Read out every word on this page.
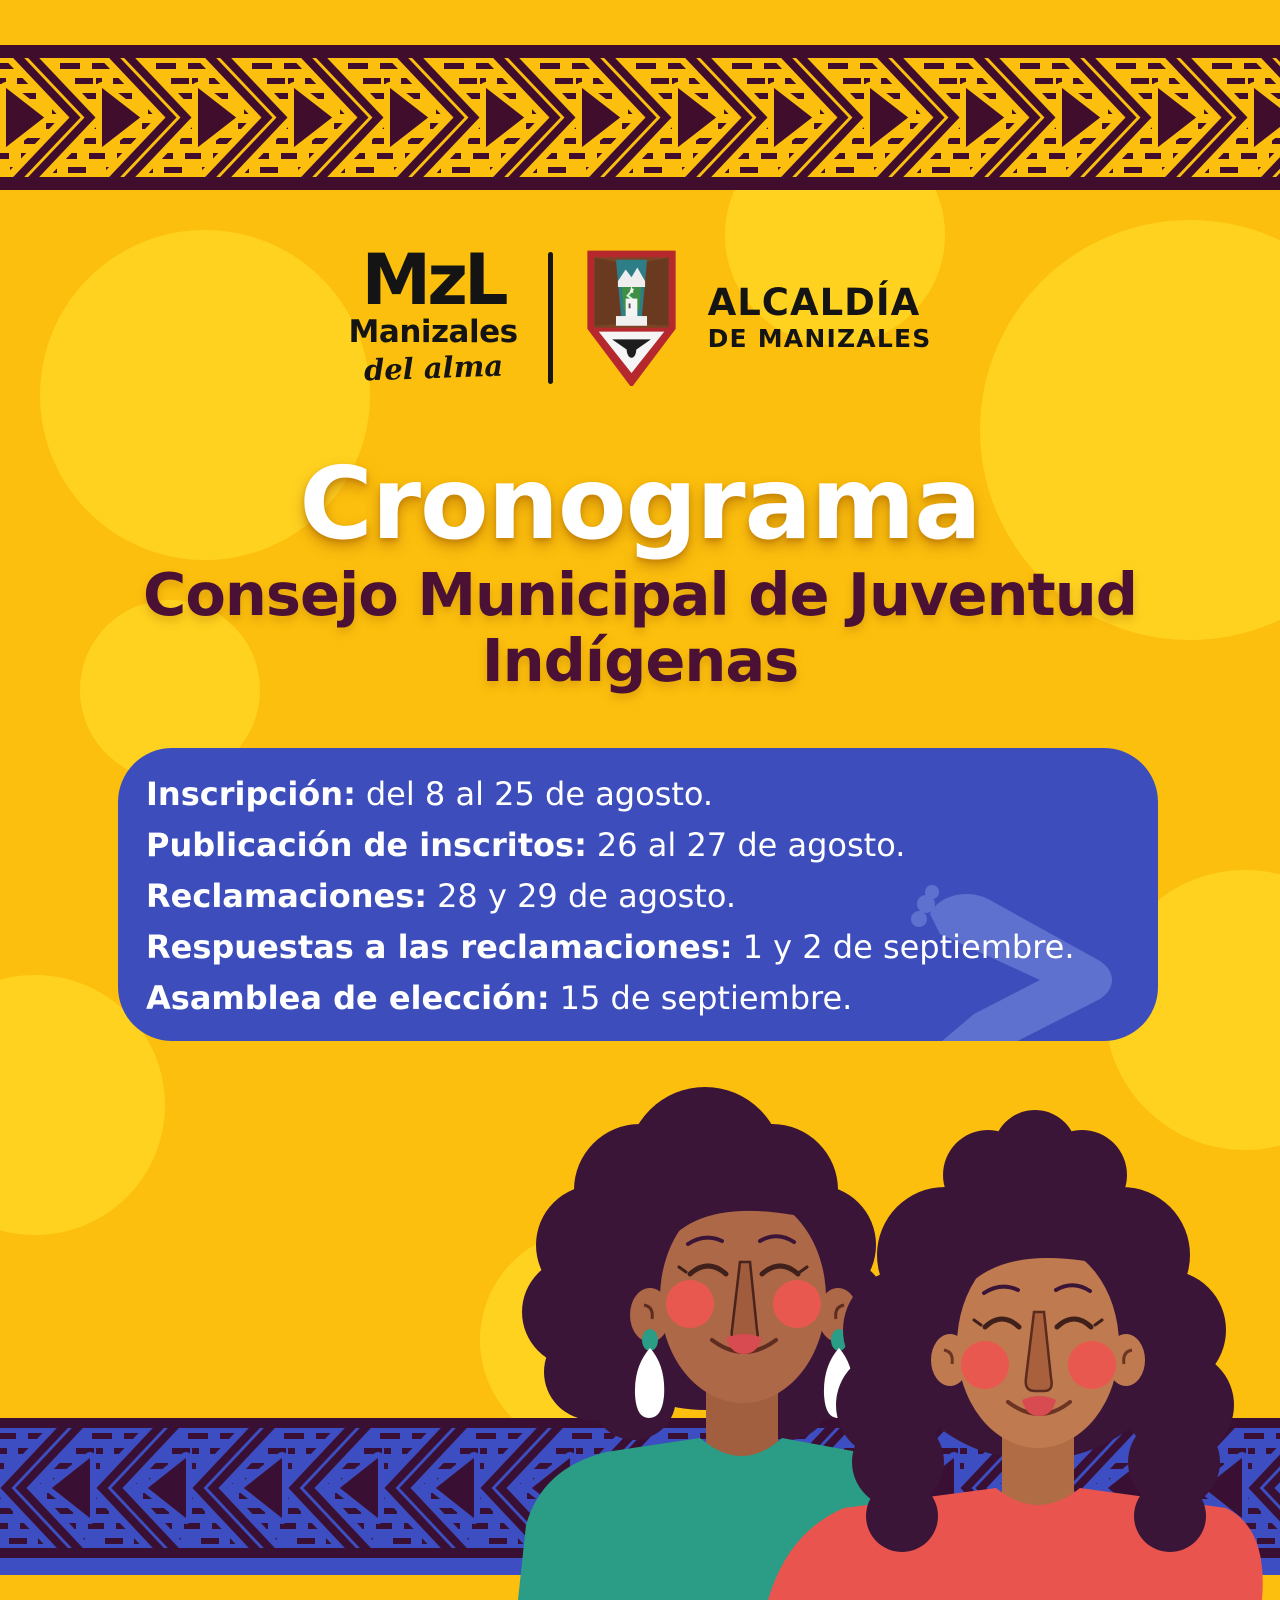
MzL
Manizales
del alma
ALCALDÍA
DE MANIZALES
Cronograma
Consejo Municipal de Juventud
Indígenas

Inscripción: del 8 al 25 de agosto.

Publicación de inscritos: 26 al 27 de agosto.

Reclamaciones: 28 y 29 de agosto.

Respuestas a las reclamaciones: 1 y 2 de septiembre.

Asamblea de elección: 15 de septiembre.
